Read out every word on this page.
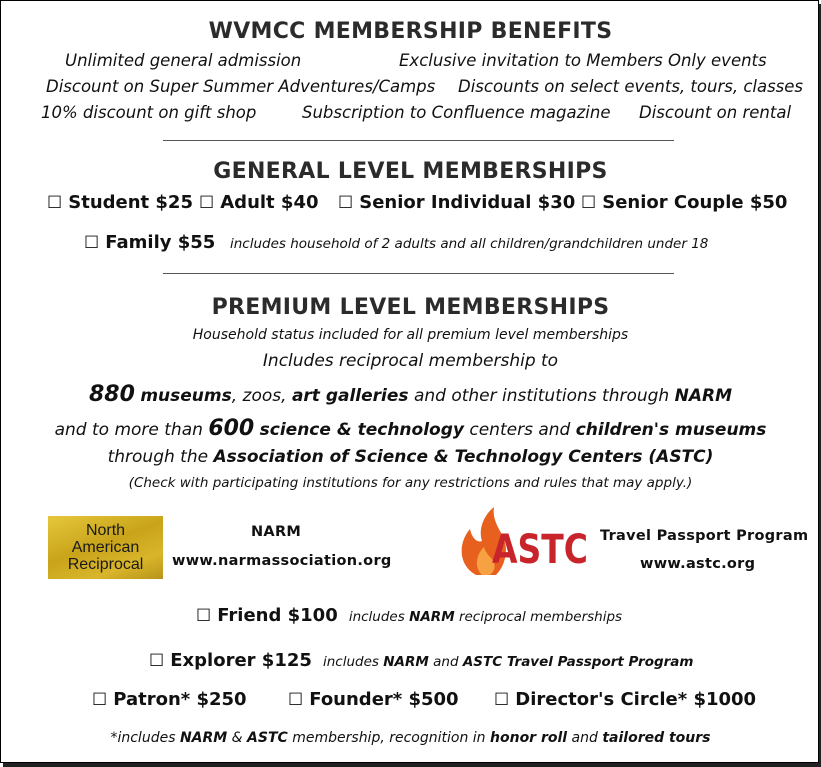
WVMCC MEMBERSHIP BENEFITS
Unlimited general admission	Exclusive invitation to Members Only events
Discount on Super Summer Adventures/Camps Discounts on select events, tours, classes
10% discount on gift shop	Subscription to Confluence magazine Discount on rental
GENERAL LEVEL MEMBERSHIPS
☐ Student $25 ☐ Adult $40 ☐ Senior Individual $30 ☐ Senior Couple $50
☐ Family $55 includes household of 2 adults and all children/grandchildren under 18
PREMIUM LEVEL MEMBERSHIPS
Household status included for all premium level memberships
Includes reciprocal membership to
880 museums, zoos, art galleries and other institutions through NARM
and to more than 600 science & technology centers and children's museums
through the Association of Science & Technology Centers (ASTC)
(Check with participating institutions for any restrictions and rules that may apply.)
North
American
Reciprocal
NARM
www.narmassociation.org	ASTC Travel Passport Program
www.astc.org
☐ Friend $100 includes NARM reciprocal memberships
☐ Explorer $125 includes NARM and ASTC Travel Passport Program
☐ Patron* $250 ☐ Founder* $500 ☐ Director's Circle* $1000
*includes NARM & ASTC membership, recognition in honor roll and tailored tours
